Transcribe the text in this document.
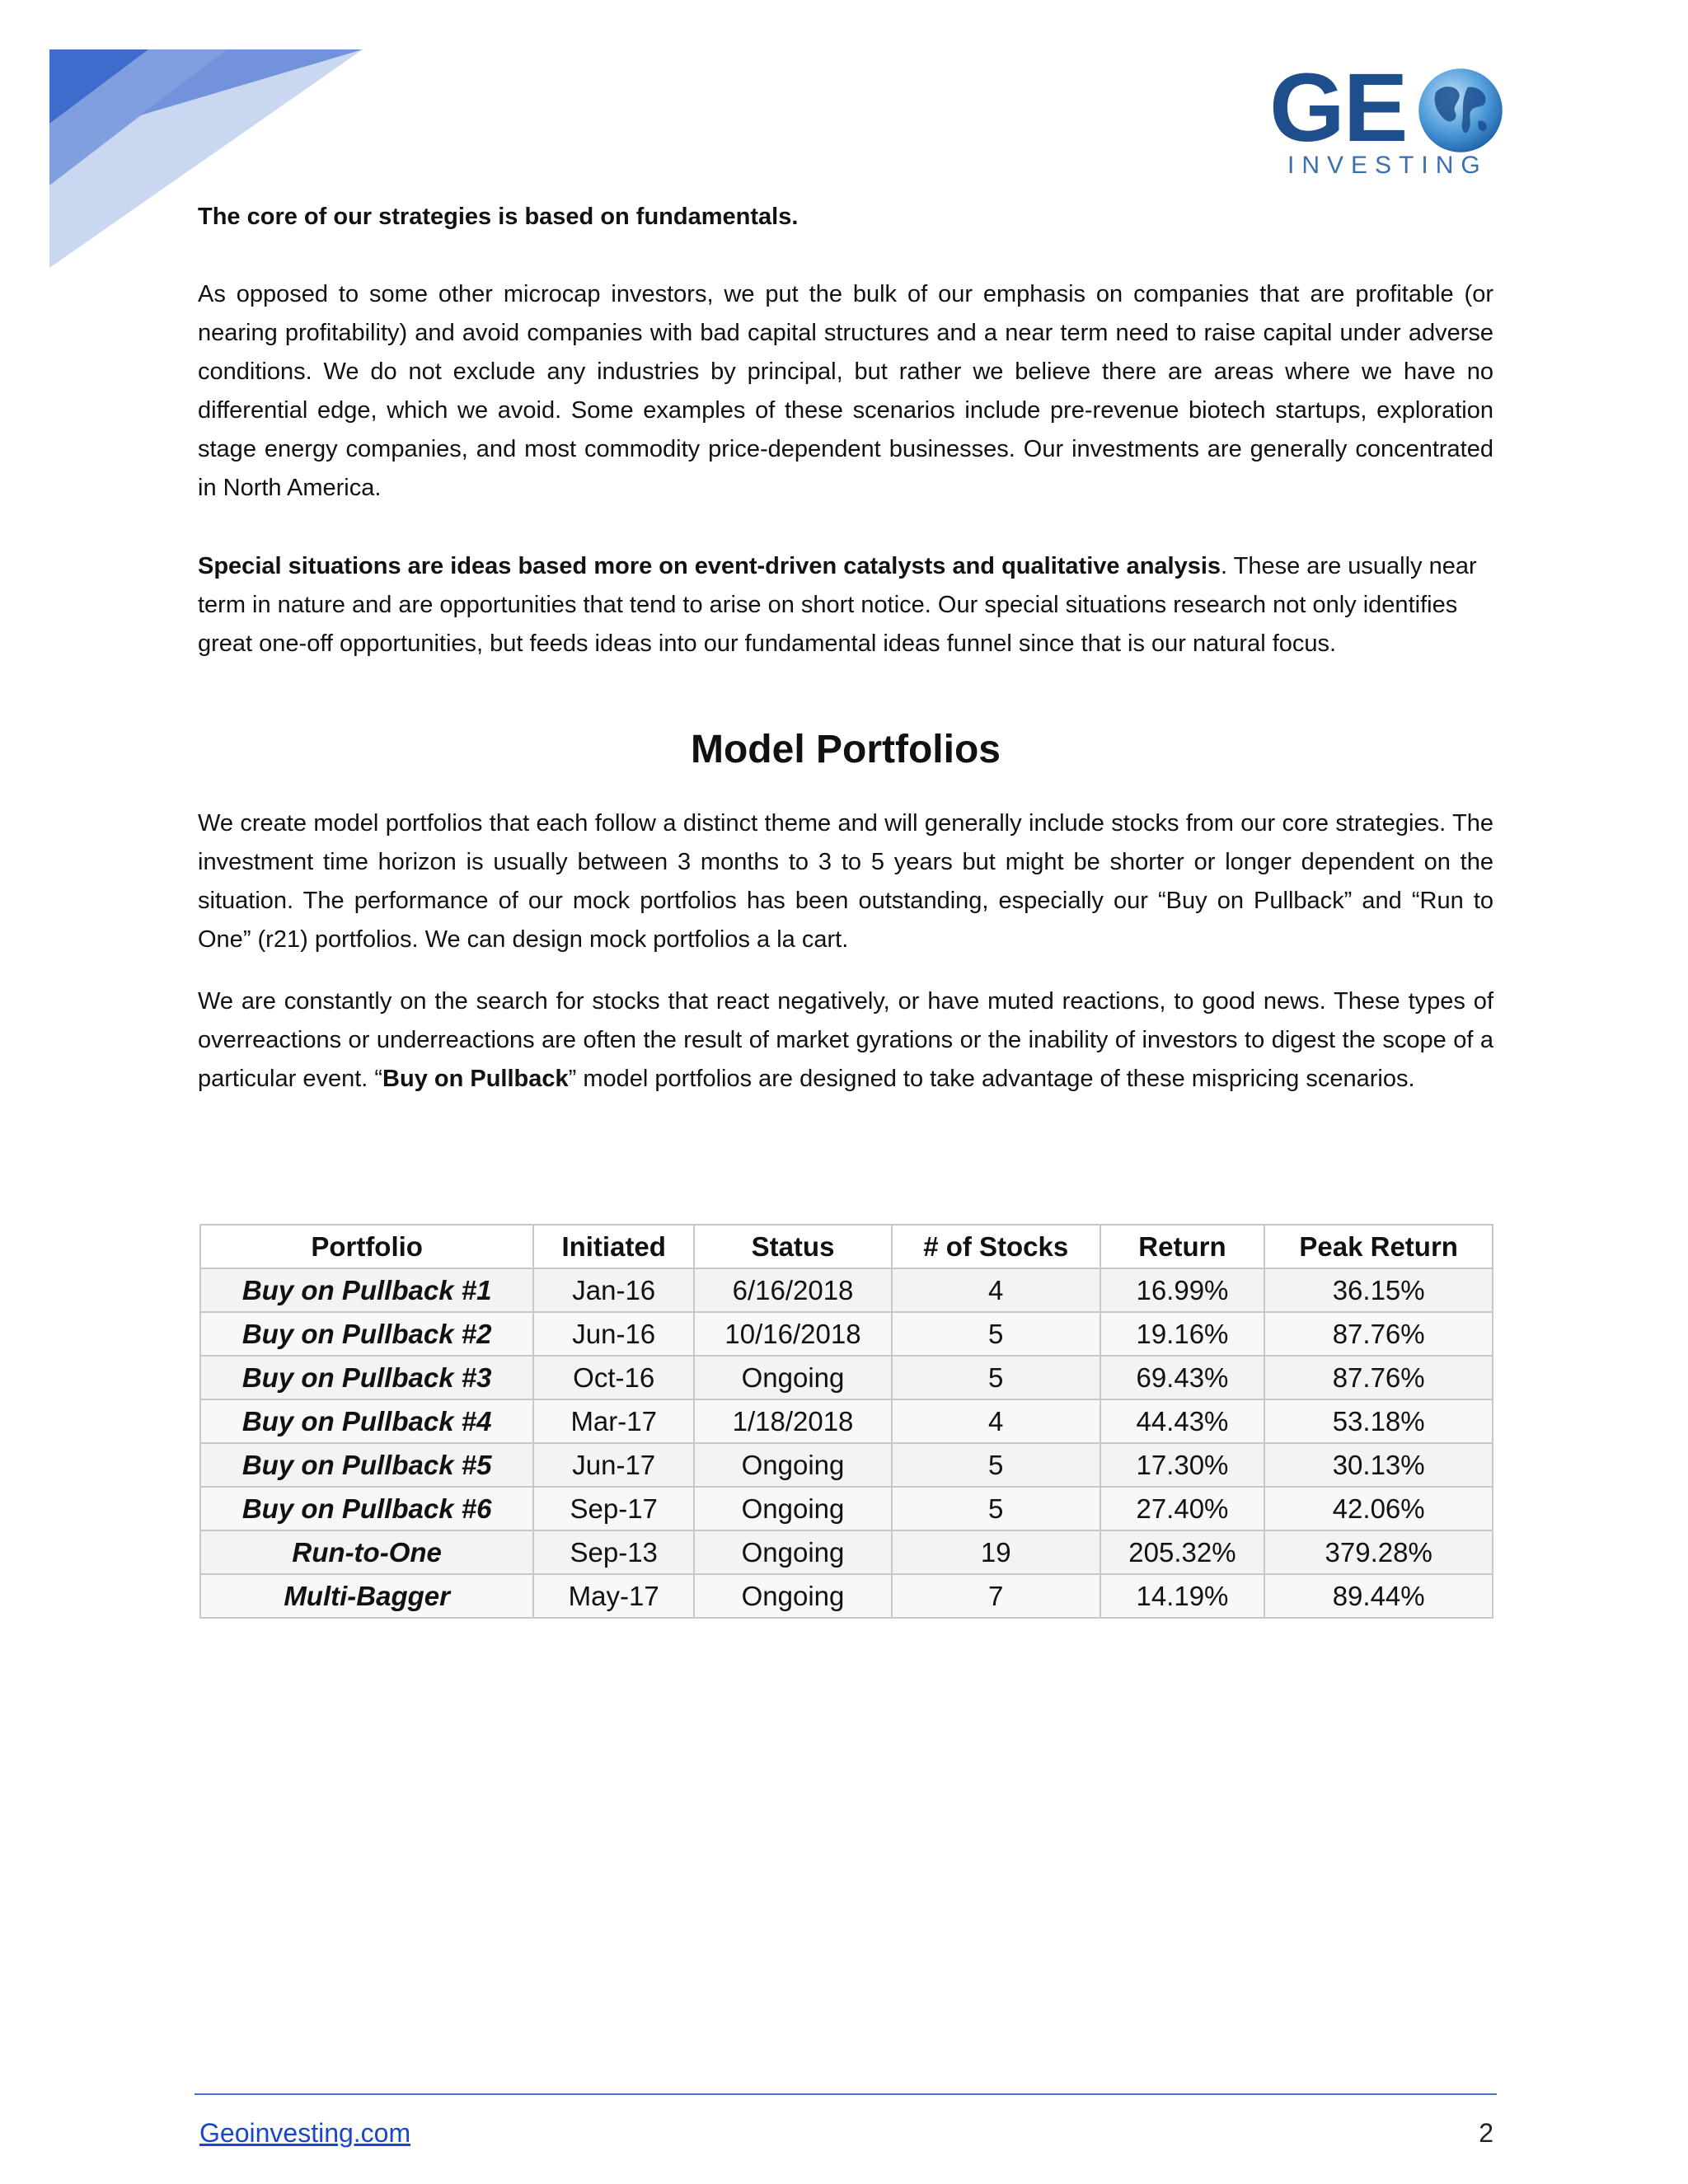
GE
INVESTING

The core of our strategies is based on fundamentals.

As opposed to some other microcap investors, we put the bulk of our emphasis on companies that are profitable (or nearing profitability) and avoid companies with bad capital structures and a near term need to raise capital under adverse conditions. We do not exclude any industries by principal, but rather we believe there are areas where we have no differential edge, which we avoid. Some examples of these scenarios include pre-revenue biotech startups, exploration stage energy companies, and most commodity price-dependent businesses. Our investments are generally concentrated in North America.

Special situations are ideas based more on event-driven catalysts and qualitative analysis. These are usually near term in nature and are opportunities that tend to arise on short notice. Our special situations research not only identifies great one-off opportunities, but feeds ideas into our fundamental ideas funnel since that is our natural focus.

Model Portfolios

We create model portfolios that each follow a distinct theme and will generally include stocks from our core strategies. The investment time horizon is usually between 3 months to 3 to 5 years but might be shorter or longer dependent on the situation. The performance of our mock portfolios has been outstanding, especially our “Buy on Pullback” and “Run to One” (r21) portfolios. We can design mock portfolios a la cart.

We are constantly on the search for stocks that react negatively, or have muted reactions, to good news. These types of overreactions or underreactions are often the result of market gyrations or the inability of investors to digest the scope of a particular event. “Buy on Pullback” model portfolios are designed to take advantage of these mispricing scenarios.

Portfolio	Initiated	Status	# of Stocks	Return	Peak Return
Buy on Pullback #1	Jan-16	6/16/2018	4	16.99%	36.15%
Buy on Pullback #2	Jun-16	10/16/2018	5	19.16%	87.76%
Buy on Pullback #3	Oct-16	Ongoing	5	69.43%	87.76%
Buy on Pullback #4	Mar-17	1/18/2018	4	44.43%	53.18%
Buy on Pullback #5	Jun-17	Ongoing	5	17.30%	30.13%
Buy on Pullback #6	Sep-17	Ongoing	5	27.40%	42.06%
Run-to-One	Sep-13	Ongoing	19	205.32%	379.28%
Multi-Bagger	May-17	Ongoing	7	14.19%	89.44%
Geoinvesting.com	2
